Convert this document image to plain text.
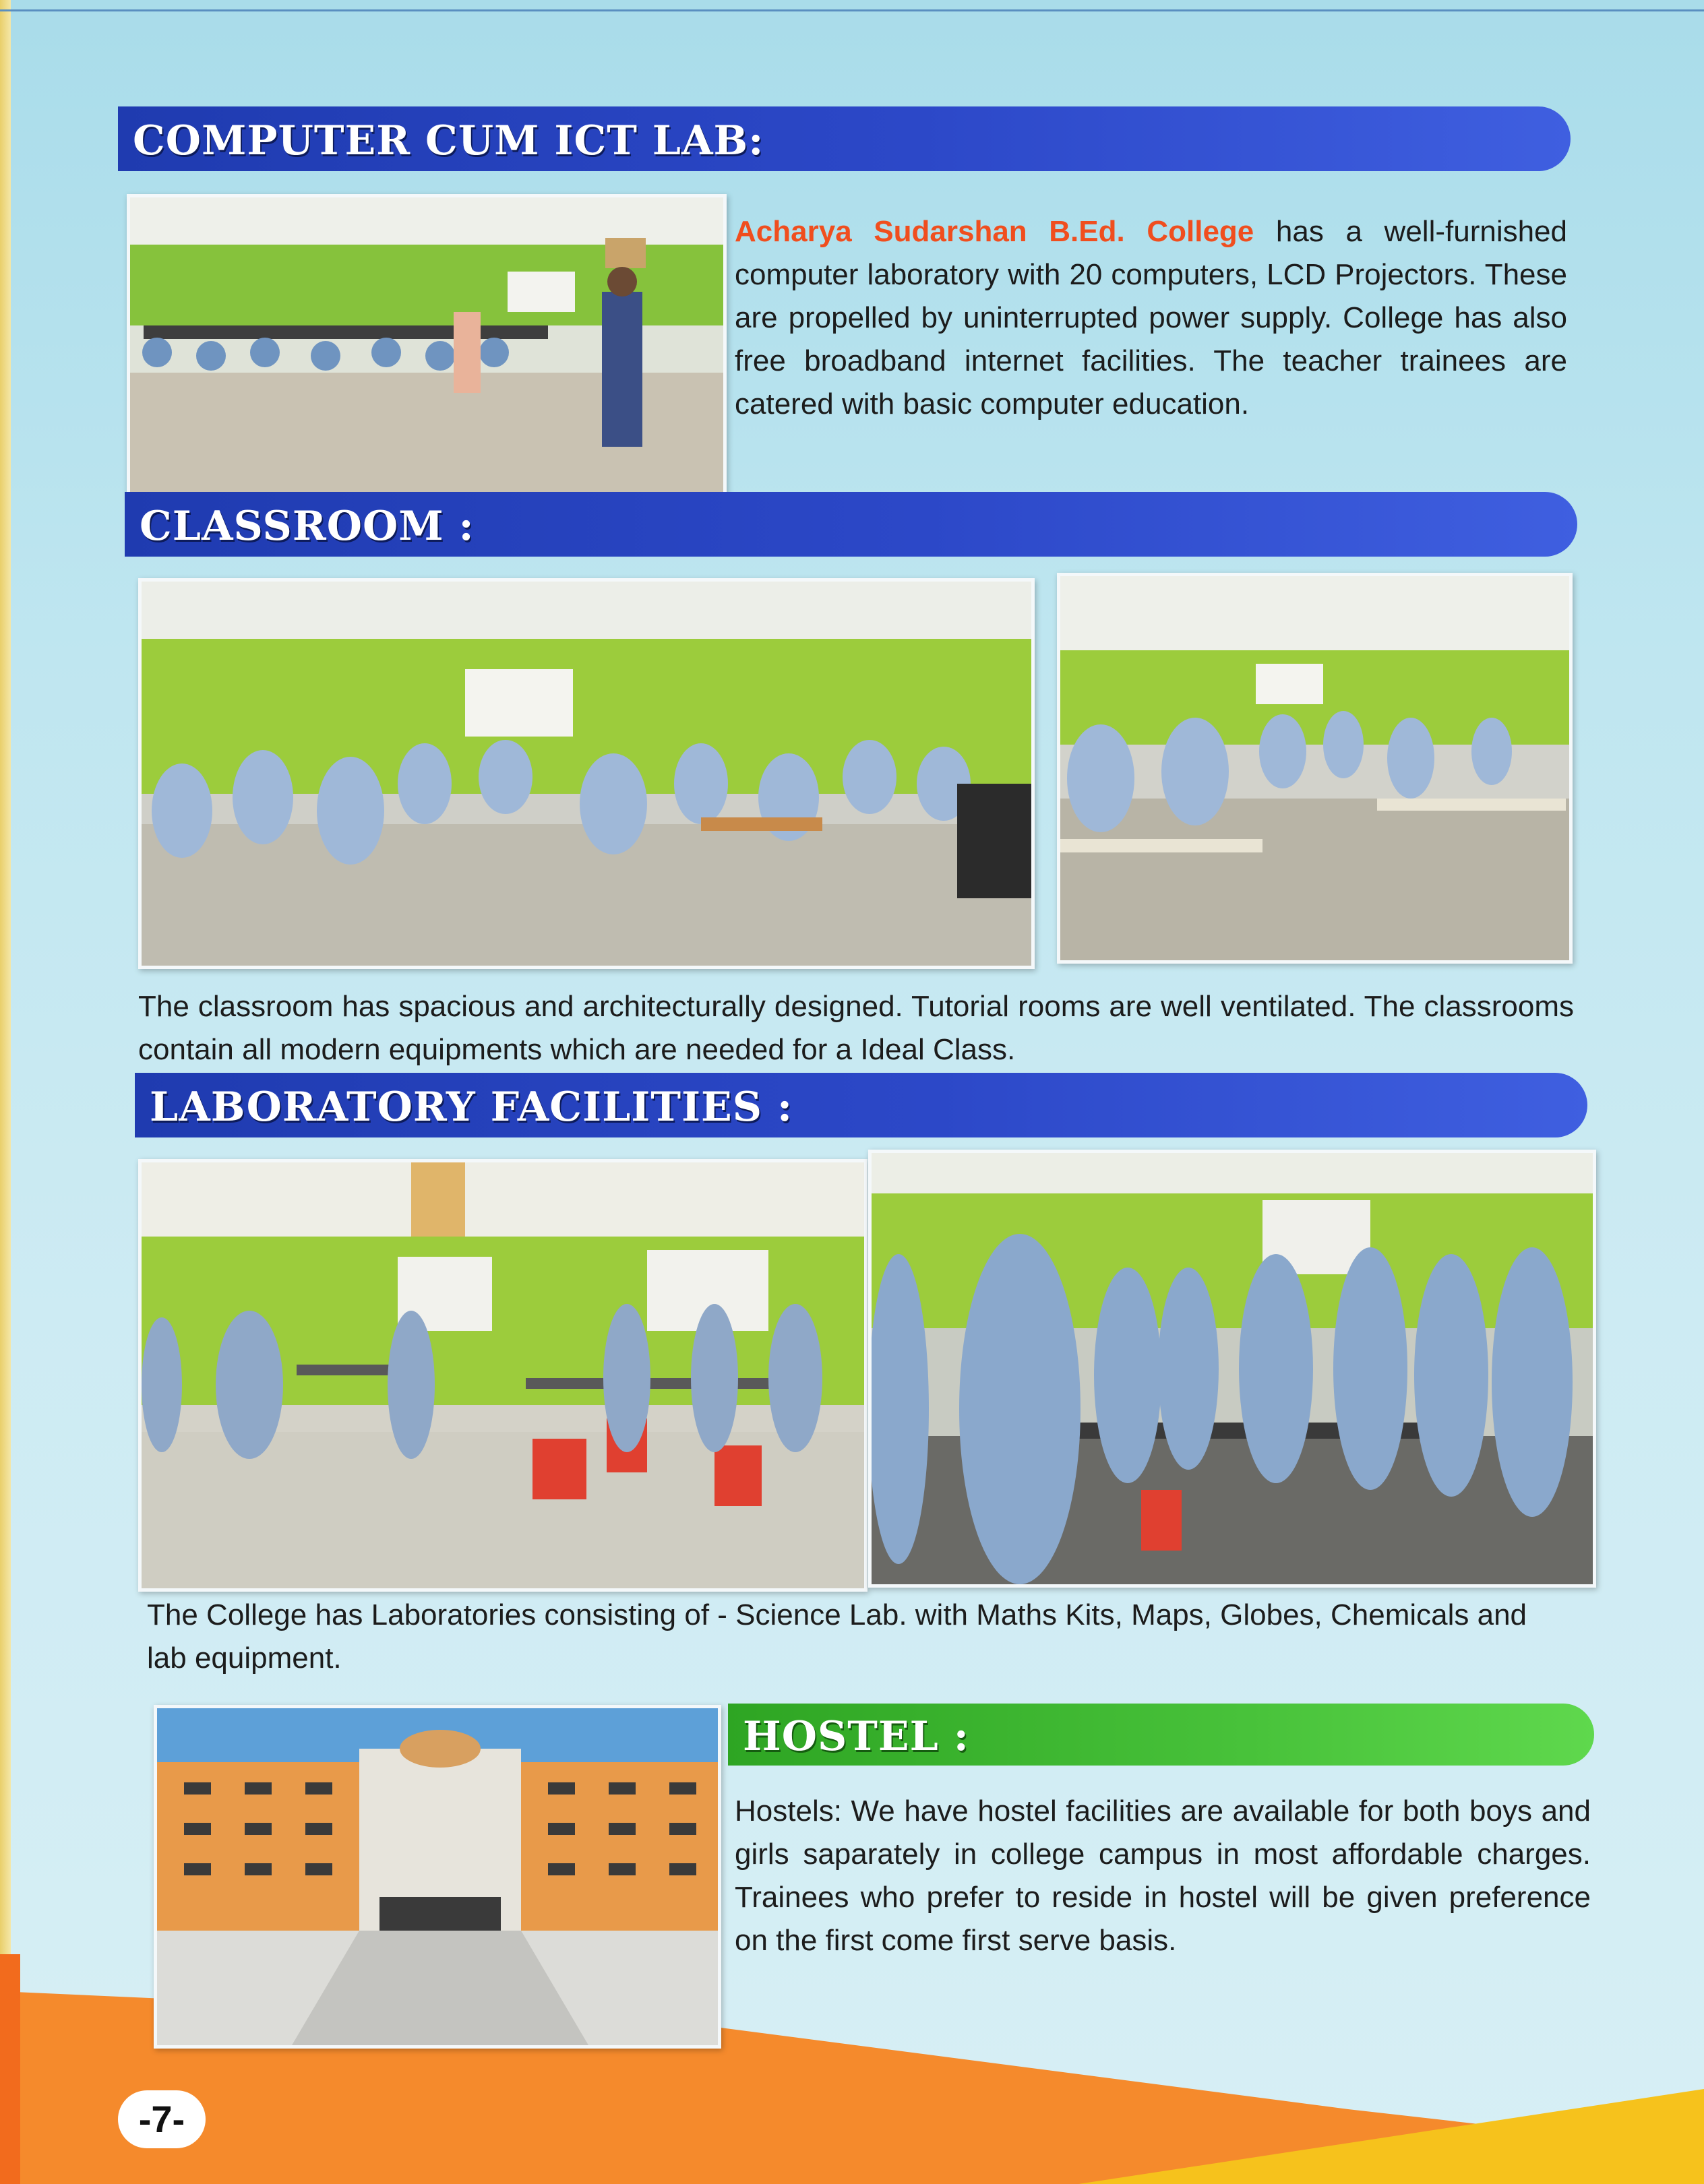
COMPUTER CUM ICT LAB:

Acharya Sudarshan B.Ed. College has a well-furnished computer laboratory with 20 computers, LCD Projectors. These are propelled by uninterrupted power supply. College has also free broadband internet facilities. The teacher trainees are catered with basic computer education.

CLASSROOM :

The classroom has spacious and architecturally designed. Tutorial rooms are well ventilated. The classrooms contain all modern equipments which are needed for a Ideal Class.

LABORATORY FACILITIES :

The College has Laboratories consisting of - Science Lab. with Maths Kits, Maps, Globes, Chemicals and lab equipment.

HOSTEL :

Hostels: We have hostel facilities are available for both boys and girls saparately in college campus in most affordable charges. Trainees who prefer to reside in hostel will be given preference on the first come first serve basis.

-7-
